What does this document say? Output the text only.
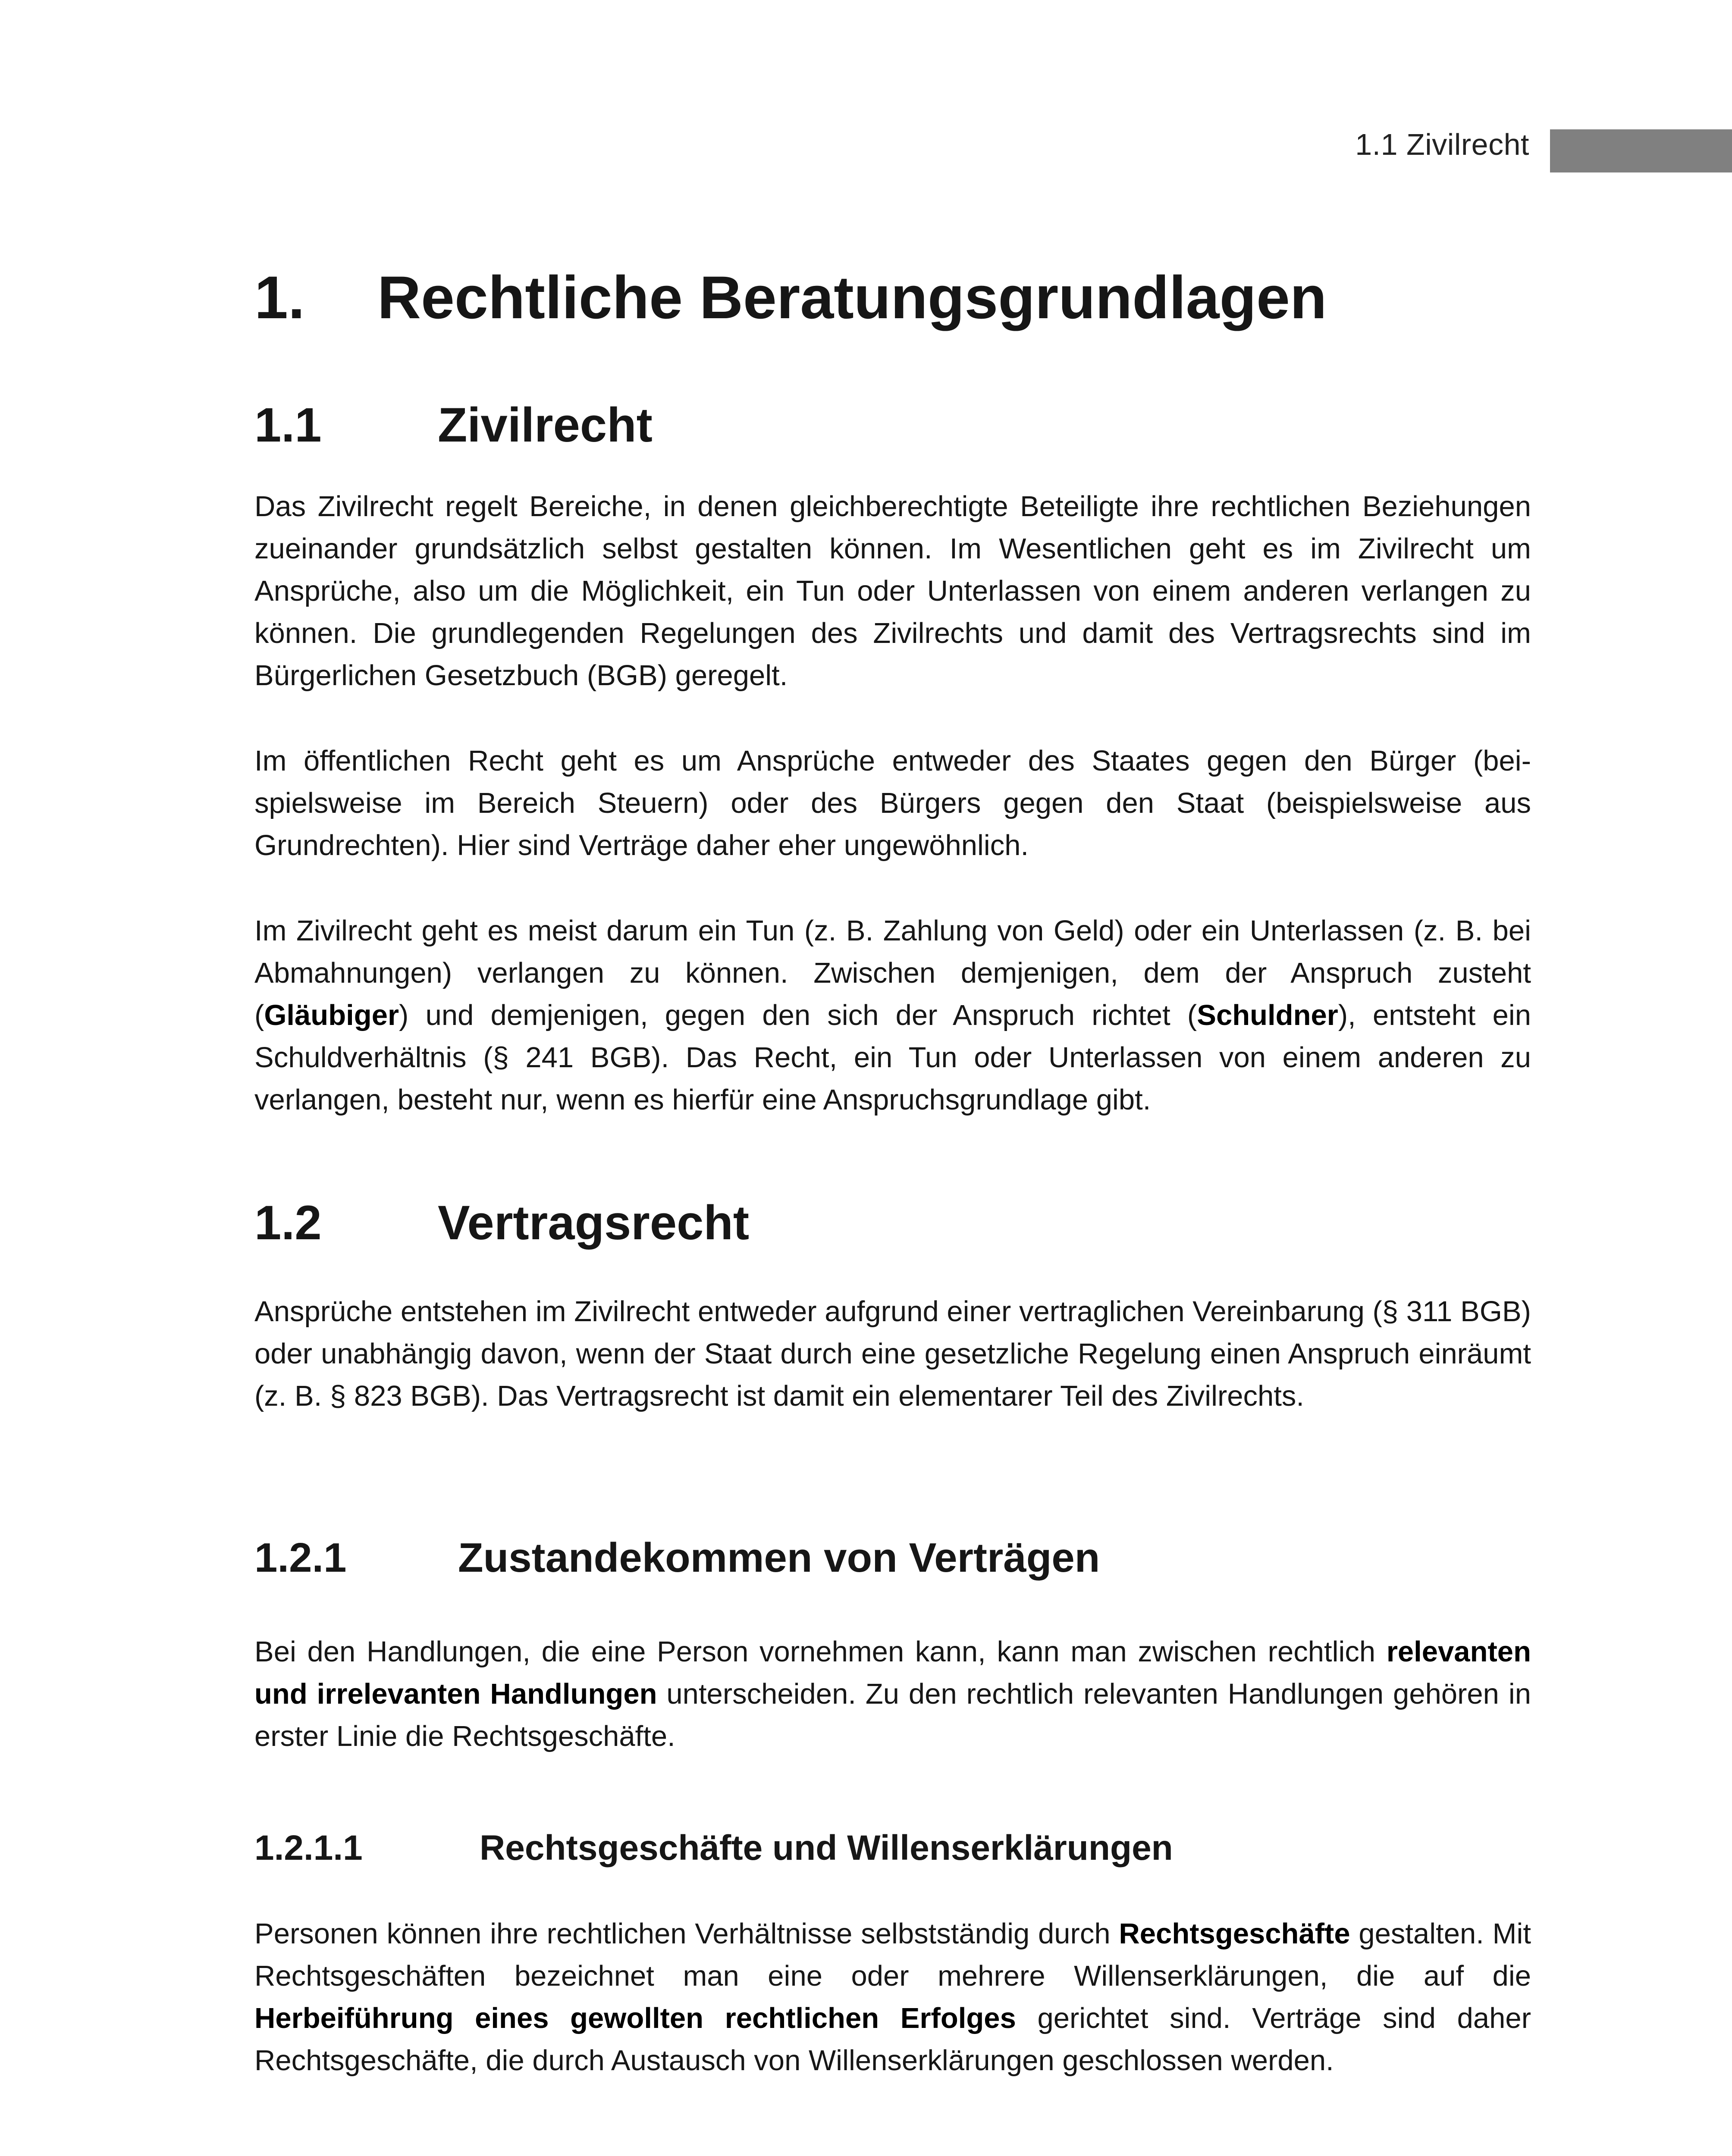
1.1 Zivilrecht
1. Rechtliche Beratungsgrundlagen
1.1 Zivilrecht

Das Zivilrecht regelt Bereiche, in denen gleichberechtigte Beteiligte ihre rechtlichen Beziehungen zueinander grundsätzlich selbst gestalten können. Im Wesentlichen geht es im Zivilrecht um Ansprüche, also um die Möglichkeit, ein Tun oder Unterlassen von einem anderen verlangen zu können. Die grundlegenden Regelungen des Zivilrechts und damit des Vertragsrechts sind im Bürgerlichen Gesetzbuch (BGB) geregelt.

Im öffentlichen Recht geht es um Ansprüche entweder des Staates gegen den Bürger (beispielsweise im Bereich Steuern) oder des Bürgers gegen den Staat (beispielsweise aus Grundrechten). Hier sind Verträge daher eher ungewöhnlich.

Im Zivilrecht geht es meist darum ein Tun (z. B. Zahlung von Geld) oder ein Unterlassen (z. B. bei Abmahnungen) verlangen zu können. Zwischen demjenigen, dem der Anspruch zusteht (Gläubiger) und demjenigen, gegen den sich der Anspruch richtet (Schuldner), entsteht ein Schuldverhältnis (§ 241 BGB). Das Recht, ein Tun oder Unterlassen von einem anderen zu verlangen, besteht nur, wenn es hierfür eine Anspruchsgrundlage gibt.

1.2 Vertragsrecht

Ansprüche entstehen im Zivilrecht entweder aufgrund einer vertraglichen Vereinbarung (§ 311 BGB) oder unabhängig davon, wenn der Staat durch eine gesetzliche Regelung einen Anspruch einräumt (z. B. § 823 BGB). Das Vertragsrecht ist damit ein elementarer Teil des Zivilrechts.

1.2.1	Zustandekommen von Verträgen

Bei den Handlungen, die eine Person vornehmen kann, kann man zwischen rechtlich relevanten und irrelevanten Handlungen unterscheiden. Zu den rechtlich relevanten Handlungen gehören in erster Linie die Rechtsgeschäfte.

1.2.1.1	Rechtsgeschäfte und Willenserklärungen

Personen können ihre rechtlichen Verhältnisse selbstständig durch Rechtsgeschäfte gestalten. Mit Rechtsgeschäften bezeichnet man eine oder mehrere Willenserklärungen, die auf die Herbeiführung eines gewollten rechtlichen Erfolges gerichtet sind. Verträge sind daher Rechtsgeschäfte, die durch Austausch von Willenserklärungen geschlossen werden.
